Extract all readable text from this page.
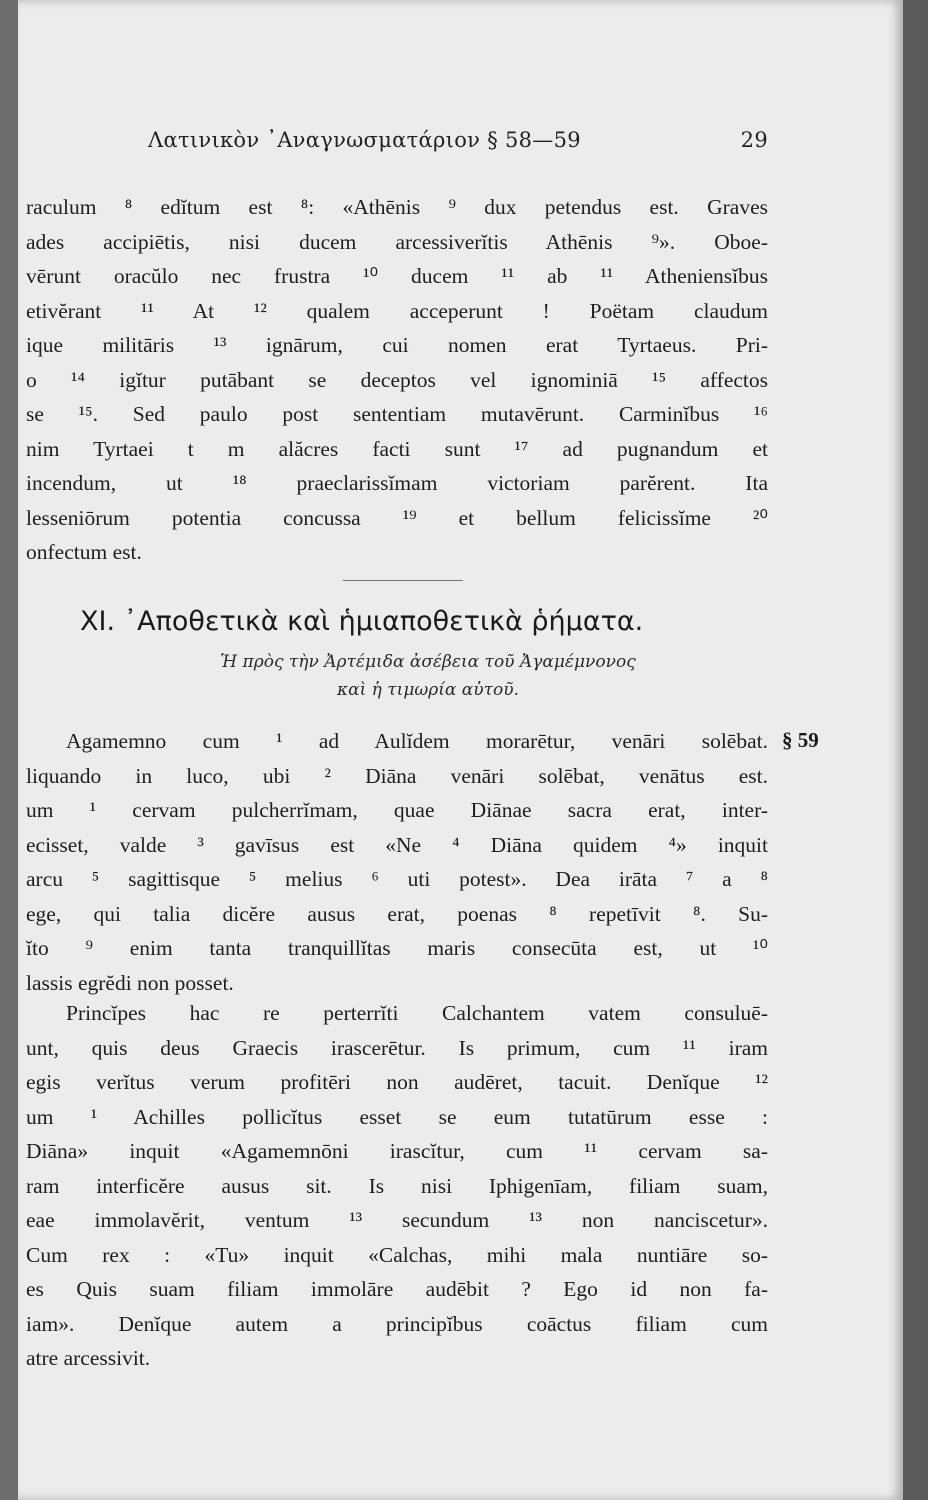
Λατινικὸν ᾿Αναγνωσματάριον § 58—59	29
raculum ⁸ edĭtum est ⁸: «Athēnis ⁹ dux petendus est. Graves
ades accipiētis, nisi ducem arcessiverĭtis Athēnis ⁹». Oboe-
vērunt oracŭlo nec frustra ¹⁰ ducem ¹¹ ab ¹¹ Atheniensĭbus
etivĕrant ¹¹ At ¹² qualem acceperunt ! Poëtam claudum
ique militāris ¹³ ignārum, cui nomen erat Tyrtaeus. Pri-
o ¹⁴ igĭtur putābant se deceptos vel ignominiā ¹⁵ affectos
se ¹⁵. Sed paulo post sententiam mutavērunt. Carminĭbus ¹⁶
nim Tyrtaei t m alăcres facti sunt ¹⁷ ad pugnandum et
incendum, ut ¹⁸ praeclarissĭmam victoriam parĕrent. Ita
lesseniōrum potentia concussa ¹⁹ et bellum felicissĭme ²⁰
onfectum est.
XI. ᾿Αποθετικὰ καὶ ἡμιαποθετικὰ ῥήματα.
Ἡ πρὸς τὴν Ἀρτέμιδα ἀσέβεια τοῦ Ἀγαμέμνονος
καὶ ἡ τιμωρία αὐτοῦ.
Agamemno cum ¹ ad Aulĭdem morarētur, venāri solēbat.
liquando in luco, ubi ² Diāna venāri solēbat, venātus est.
um ¹ cervam pulcherrĭmam, quae Diānae sacra erat, inter-
ecisset, valde ³ gavīsus est «Ne ⁴ Diāna quidem ⁴» inquit
arcu ⁵ sagittisque ⁵ melius ⁶ uti potest». Dea irāta ⁷ a ⁸
ege, qui talia dicĕre ausus erat, poenas ⁸ repetīvit ⁸. Su-
ĭto ⁹ enim tanta tranquillĭtas maris consecūta est, ut ¹⁰
lassis egrĕdi non posset.
§ 59
Princĭpes hac re perterrĭti Calchantem vatem consuluē-
unt, quis deus Graecis irascerētur. Is primum, cum ¹¹ iram
egis verĭtus verum profitēri non audēret, tacuit. Denĭque ¹²
um ¹ Achilles pollicĭtus esset se eum tutatūrum esse :
Diāna» inquit «Agamemnōni irascĭtur, cum ¹¹ cervam sa-
ram interficĕre ausus sit. Is nisi Iphigenīam, filiam suam,
eae immolavĕrit, ventum ¹³ secundum ¹³ non nanciscetur».
Cum rex : «Tu» inquit «Calchas, mihi mala nuntiāre so-
es Quis suam filiam immolāre audēbit ? Ego id non fa-
iam». Denĭque autem a principĭbus coāctus filiam cum
atre arcessivit.
